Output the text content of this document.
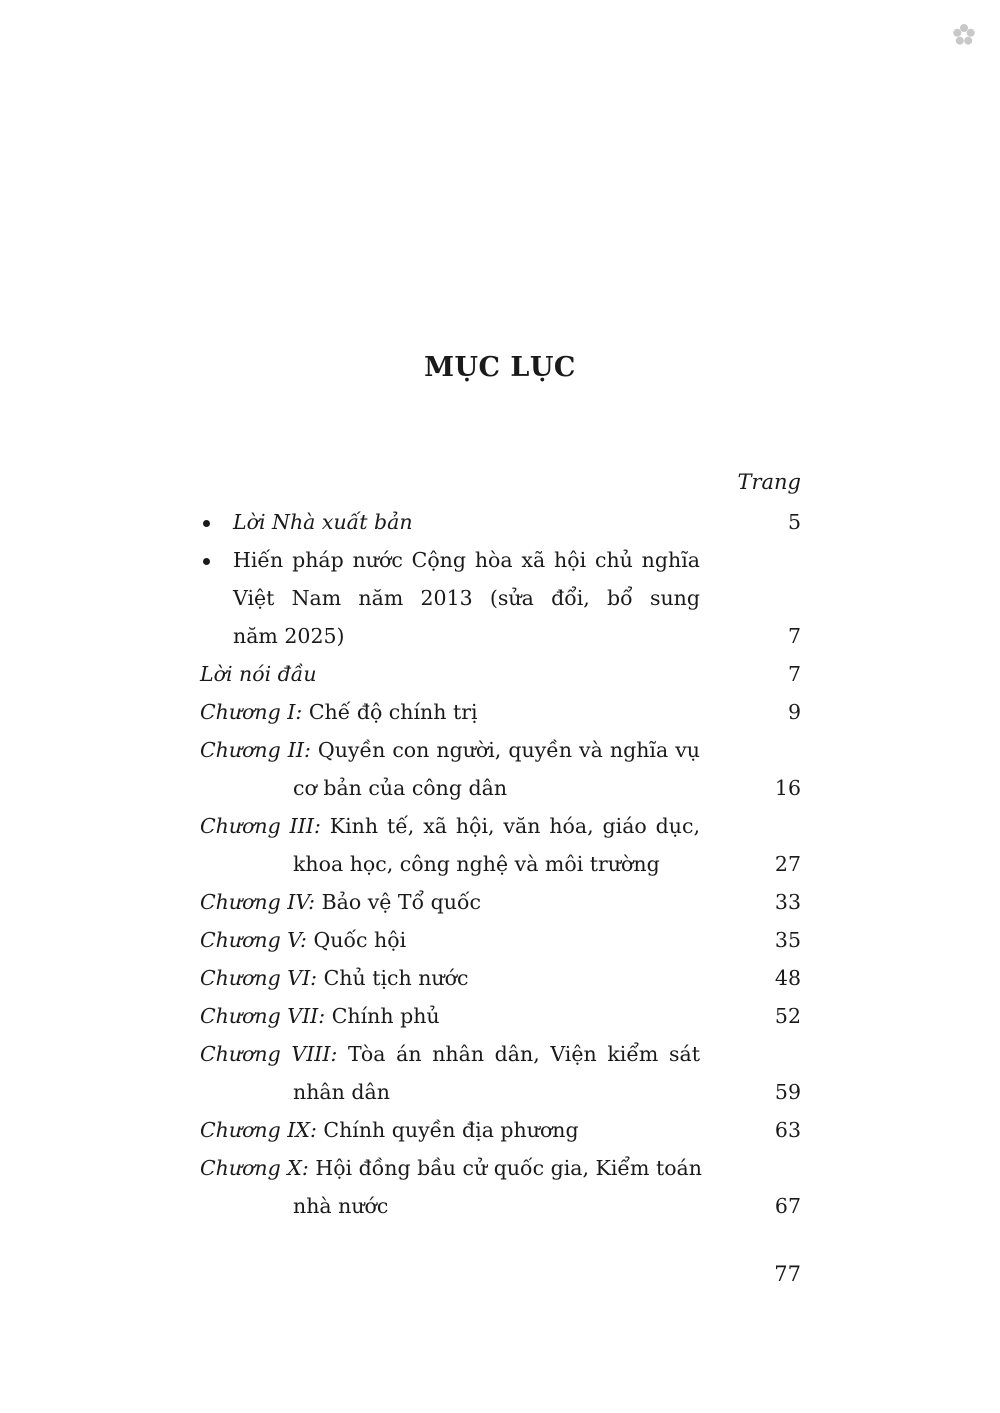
MỤC LỤC
Trang
Lời Nhà xuất bản	5
Hiến pháp nước Cộng hòa xã hội chủ nghĩa
Việt Nam năm 2013 (sửa đổi, bổ sung
năm 2025)	7
Lời nói đầu	7
Chương I: Chế độ chính trị	9
Chương II: Quyền con người, quyền và nghĩa vụ
cơ bản của công dân	16
Chương III: Kinh tế, xã hội, văn hóa, giáo dục,
khoa học, công nghệ và môi trường	27
Chương IV: Bảo vệ Tổ quốc	33
Chương V: Quốc hội	35
Chương VI: Chủ tịch nước	48
Chương VII: Chính phủ	52
Chương VIII: Tòa án nhân dân, Viện kiểm sát
nhân dân	59
Chương IX: Chính quyền địa phương	63
Chương X: Hội đồng bầu cử quốc gia, Kiểm toán
nhà nước	67
77
